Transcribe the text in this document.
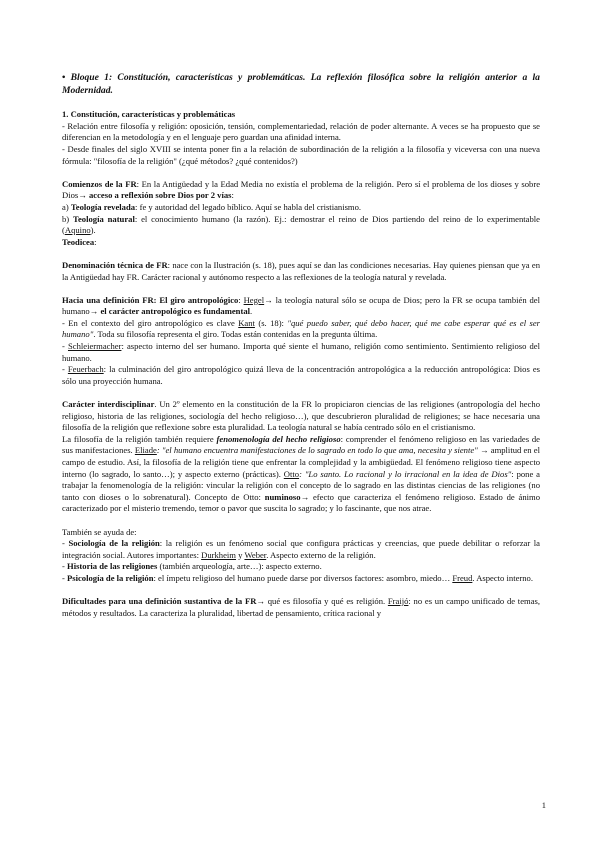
• Bloque 1: Constitución, características y problemáticas. La reflexión filosófica sobre la religión anterior a la Modernidad.

1. Constitución, características y problemáticas

- Relación entre filosofía y religión: oposición, tensión, complementariedad, relación de poder alternante. A veces se ha propuesto que se diferencian en la metodología y en el lenguaje pero guardan una afinidad interna.

- Desde finales del siglo XVIII se intenta poner fin a la relación de subordinación de la religión a la filosofía y viceversa con una nueva fórmula: "filosofía de la religión" (¿qué métodos? ¿qué contenidos?)

Comienzos de la FR: En la Antigüedad y la Edad Media no existía el problema de la religión. Pero sí el problema de los dioses y sobre Dios→ acceso a reflexión sobre Dios por 2 vías:

a) Teología revelada: fe y autoridad del legado bíblico. Aquí se habla del cristianismo.

b) Teología natural: el conocimiento humano (la razón). Ej.: demostrar el reino de Dios partiendo del reino de lo experimentable (Aquino).

Teodicea:

Denominación técnica de FR: nace con la Ilustración (s. 18), pues aquí se dan las condiciones necesarias. Hay quienes piensan que ya en la Antigüedad hay FR. Carácter racional y autónomo respecto a las reflexiones de la teología natural y revelada.

Hacia una definición FR: El giro antropológico: Hegel→ la teología natural sólo se ocupa de Dios; pero la FR se ocupa también del humano→ el carácter antropológico es fundamental.

- En el contexto del giro antropológico es clave Kant (s. 18): "qué puedo saber, qué debo hacer, qué me cabe esperar qué es el ser humano". Toda su filosofía representa el giro. Todas están contenidas en la pregunta última.

- Schleiermacher: aspecto interno del ser humano. Importa qué siente el humano, religión como sentimiento. Sentimiento religioso del humano.

- Feuerbach: la culminación del giro antropológico quizá lleva de la concentración antropológica a la reducción antropológica: Dios es sólo una proyección humana.

Carácter interdisciplinar. Un 2º elemento en la constitución de la FR lo propiciaron ciencias de las religiones (antropología del hecho religioso, historia de las religiones, sociología del hecho religioso…), que descubrieron pluralidad de religiones; se hace necesaria una filosofía de la religión que reflexione sobre esta pluralidad. La teología natural se había centrado sólo en el cristianismo.

La filosofía de la religión también requiere fenomenología del hecho religioso: comprender el fenómeno religioso en las variedades de sus manifestaciones. Eliade: "el humano encuentra manifestaciones de lo sagrado en todo lo que ama, necesita y siente" → amplitud en el campo de estudio. Así, la filosofía de la religión tiene que enfrentar la complejidad y la ambigüedad. El fenómeno religioso tiene aspecto interno (lo sagrado, lo santo…); y aspecto externo (prácticas). Otto: "Lo santo. Lo racional y lo irracional en la idea de Dios": pone a trabajar la fenomenología de la religión: vincular la religión con el concepto de lo sagrado en las distintas ciencias de las religiones (no tanto con dioses o lo sobrenatural). Concepto de Otto: numinoso→ efecto que caracteriza el fenómeno religioso. Estado de ánimo caracterizado por el misterio tremendo, temor o pavor que suscita lo sagrado; y lo fascinante, que nos atrae.

También se ayuda de:

- Sociología de la religión: la religión es un fenómeno social que configura prácticas y creencias, que puede debilitar o reforzar la integración social. Autores importantes: Durkheim y Weber. Aspecto externo de la religión.

- Historia de las religiones (también arqueología, arte…): aspecto externo.

- Psicología de la religión: el ímpetu religioso del humano puede darse por diversos factores: asombro, miedo… Freud. Aspecto interno.

Dificultades para una definición sustantiva de la FR→ qué es filosofía y qué es religión. Fraijó: no es un campo unificado de temas, métodos y resultados. La caracteriza la pluralidad, libertad de pensamiento, crítica racional y

1
